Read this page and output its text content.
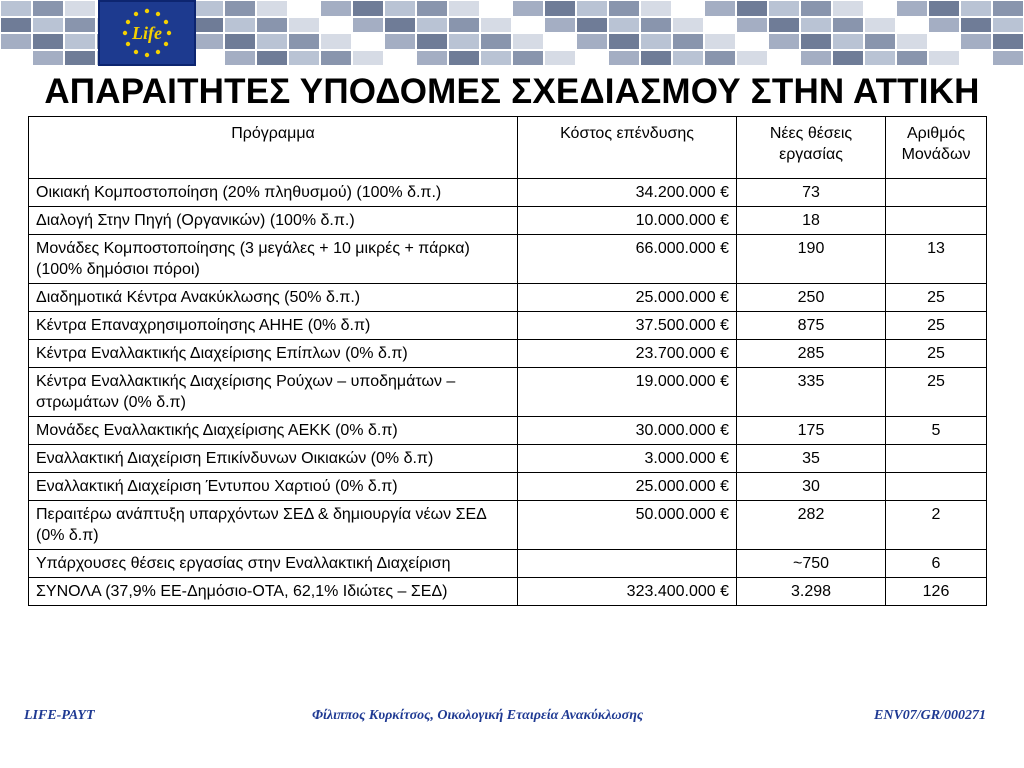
Life
ΑΠΑΡΑΙΤΗΤΕΣ ΥΠΟΔΟΜΕΣ ΣΧΕΔΙΑΣΜΟΥ ΣΤΗΝ ΑΤΤΙΚΗ
Πρόγραμμα	Κόστος επένδυσης	Νέες θέσεις εργασίας	Αριθμός Μονάδων
Οικιακή Κομποστοποίηση (20% πληθυσμού) (100% δ.π.)	34.200.000 €	73	
Διαλογή Στην Πηγή (Οργανικών) (100% δ.π.)	10.000.000 €	18	
Μονάδες Κομποστοποίησης (3 μεγάλες + 10 μικρές + πάρκα) (100% δημόσιοι πόροι)	66.000.000 €	190	13
Διαδημοτικά Κέντρα Ανακύκλωσης (50% δ.π.)	25.000.000 €	250	25
Κέντρα Επαναχρησιμοποίησης ΑΗΗΕ (0% δ.π)	37.500.000 €	875	25
Κέντρα Εναλλακτικής Διαχείρισης Επίπλων (0% δ.π)	23.700.000 €	285	25
Κέντρα Εναλλακτικής Διαχείρισης Ρούχων – υποδημάτων – στρωμάτων (0% δ.π)	19.000.000 €	335	25
Μονάδες Εναλλακτικής Διαχείρισης ΑΕΚΚ (0% δ.π)	30.000.000 €	175	5
Εναλλακτική Διαχείριση Επικίνδυνων Οικιακών (0% δ.π)	3.000.000 €	35	
Εναλλακτική Διαχείριση Έντυπου Χαρτιού (0% δ.π)	25.000.000 €	30	
Περαιτέρω ανάπτυξη υπαρχόντων ΣΕΔ & δημιουργία νέων ΣΕΔ (0% δ.π)	50.000.000 €	282	2
Υπάρχουσες θέσεις εργασίας στην Εναλλακτική Διαχείριση		~750	6
ΣΥΝΟΛΑ (37,9% ΕΕ-Δημόσιο-ΟΤΑ, 62,1% Ιδιώτες – ΣΕΔ)	323.400.000 €	3.298	126
LIFE-PAYT	Φίλιππος Κυρκίτσος, Οικολογική Εταιρεία Ανακύκλωσης	ENV07/GR/000271
